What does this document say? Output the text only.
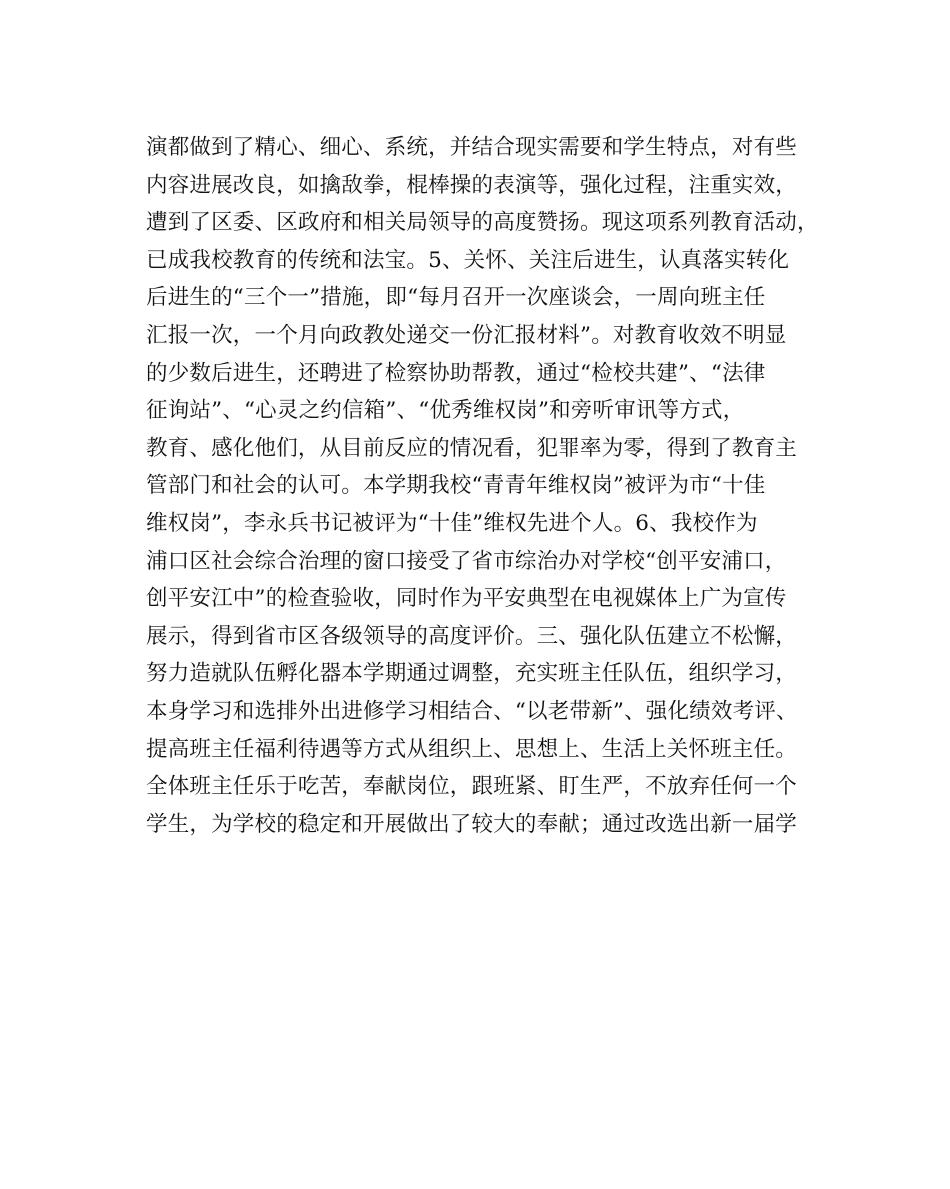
演都做到了精心、细心、系统，并结合现实需要和学生特点，对有些
内容进展改良，如擒敌拳，棍棒操的表演等，强化过程，注重实效，
遭到了区委、区政府和相关局领导的高度赞扬。现这项系列教育活动，
已成我校教育的传统和法宝。5、关怀、关注后进生，认真落实转化
后进生的“三个一”措施，即“每月召开一次座谈会，一周向班主任
汇报一次，一个月向政教处递交一份汇报材料”。对教育收效不明显
的少数后进生，还聘进了检察协助帮教，通过“检校共建”、“法律
征询站”、“心灵之约信箱”、“优秀维权岗”和旁听审讯等方式，
教育、感化他们，从目前反应的情况看，犯罪率为零，得到了教育主
管部门和社会的认可。本学期我校“青青年维权岗”被评为市“十佳
维权岗”，李永兵书记被评为“十佳”维权先进个人。6、我校作为
浦口区社会综合治理的窗口接受了省市综治办对学校“创平安浦口，
创平安江中”的检查验收，同时作为平安典型在电视媒体上广为宣传
展示，得到省市区各级领导的高度评价。三、强化队伍建立不松懈，
努力造就队伍孵化器本学期通过调整，充实班主任队伍，组织学习，
本身学习和选排外出进修学习相结合、“以老带新”、强化绩效考评、
提高班主任福利待遇等方式从组织上、思想上、生活上关怀班主任。
全体班主任乐于吃苦，奉献岗位，跟班紧、盯生严，不放弃任何一个
学生，为学校的稳定和开展做出了较大的奉献；通过改选出新一届学
